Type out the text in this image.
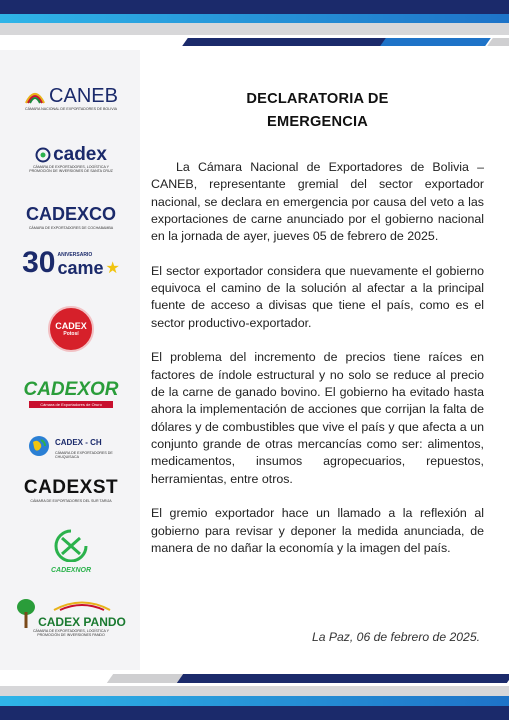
CANEB
CÁMARA NACIONAL DE EXPORTADORES DE BOLIVIA
cadex
CÁMARA DE EXPORTADORES, LOGÍSTICA Y PROMOCIÓN DE INVERSIONES DE SANTA CRUZ
CADEXCO
CÁMARA DE EXPORTADORES DE COCHABAMBA
30 ANIVERSARIO
came ★
CADEX
Potosí
CADEXOR
Cámara de Exportadores de Oruro
CADEX - CH
CÁMARA DE EXPORTADORES DE CHUQUISACA
CADEXST
CÁMARA DE EXPORTADORES DEL SUR TARIJA
CADEXNOR
CADEX PANDO
CÁMARA DE EXPORTADORES, LOGÍSTICA Y PROMOCIÓN DE INVERSIONES PANDO
DECLARATORIA DE
EMERGENCIA

La Cámara Nacional de Exportadores de Bolivia – CANEB, representante gremial del sector exportador nacional, se declara en emergencia por causa del veto a las exportaciones de carne anunciado por el gobierno nacional en la jornada de ayer, jueves 05 de febrero de 2025.

El sector exportador considera que nuevamente el gobierno equivoca el camino de la solución al afectar a la principal fuente de acceso a divisas que tiene el país, como es el sector productivo-exportador.

El problema del incremento de precios tiene raíces en factores de índole estructural y no solo se reduce al precio de la carne de ganado bovino. El gobierno ha evitado hasta ahora la implementación de acciones que corrijan la falta de dólares y de combustibles que vive el país y que afecta a un conjunto grande de otras mercancías como ser: alimentos, medicamentos, insumos agropecuarios, repuestos, herramientas, entre otros.

El gremio exportador hace un llamado a la reflexión al gobierno para revisar y deponer la medida anunciada, de manera de no dañar la economía y la imagen del país.

La Paz, 06 de febrero de 2025.
